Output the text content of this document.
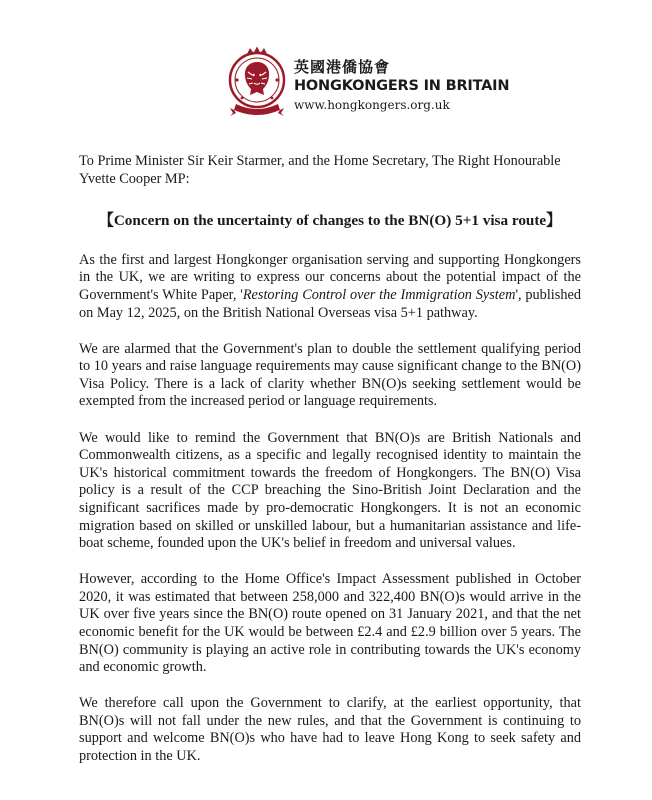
英國港僑協會
HONGKONGERS IN BRITAIN
www.hongkongers.org.uk

To Prime Minister Sir Keir Starmer, and the Home Secretary, The Right Honourable Yvette Cooper MP:

【Concern on the uncertainty of changes to the BN(O) 5+1 visa route】

As the first and largest Hongkonger organisation serving and supporting Hongkongers in the UK, we are writing to express our concerns about the potential impact of the Government's White Paper, 'Restoring Control over the Immigration System', published on May 12, 2025, on the British National Overseas visa 5+1 pathway.

We are alarmed that the Government's plan to double the settlement qualifying period to 10 years and raise language requirements may cause significant change to the BN(O) Visa Policy. There is a lack of clarity whether BN(O)s seeking settlement would be exempted from the increased period or language requirements.

We would like to remind the Government that BN(O)s are British Nationals and Commonwealth citizens, as a specific and legally recognised identity to maintain the UK's historical commitment towards the freedom of Hongkongers. The BN(O) Visa policy is a result of the CCP breaching the Sino-British Joint Declaration and the significant sacrifices made by pro-democratic Hongkongers. It is not an economic migration based on skilled or unskilled labour, but a humanitarian assistance and life-boat scheme, founded upon the UK's belief in freedom and universal values.

However, according to the Home Office's Impact Assessment published in October 2020, it was estimated that between 258,000 and 322,400 BN(O)s would arrive in the UK over five years since the BN(O) route opened on 31 January 2021, and that the net economic benefit for the UK would be between £2.4 and £2.9 billion over 5 years. The BN(O) community is playing an active role in contributing towards the UK's economy and economic growth.

We therefore call upon the Government to clarify, at the earliest opportunity, that BN(O)s will not fall under the new rules, and that the Government is continuing to support and welcome BN(O)s who have had to leave Hong Kong to seek safety and protection in the UK.
